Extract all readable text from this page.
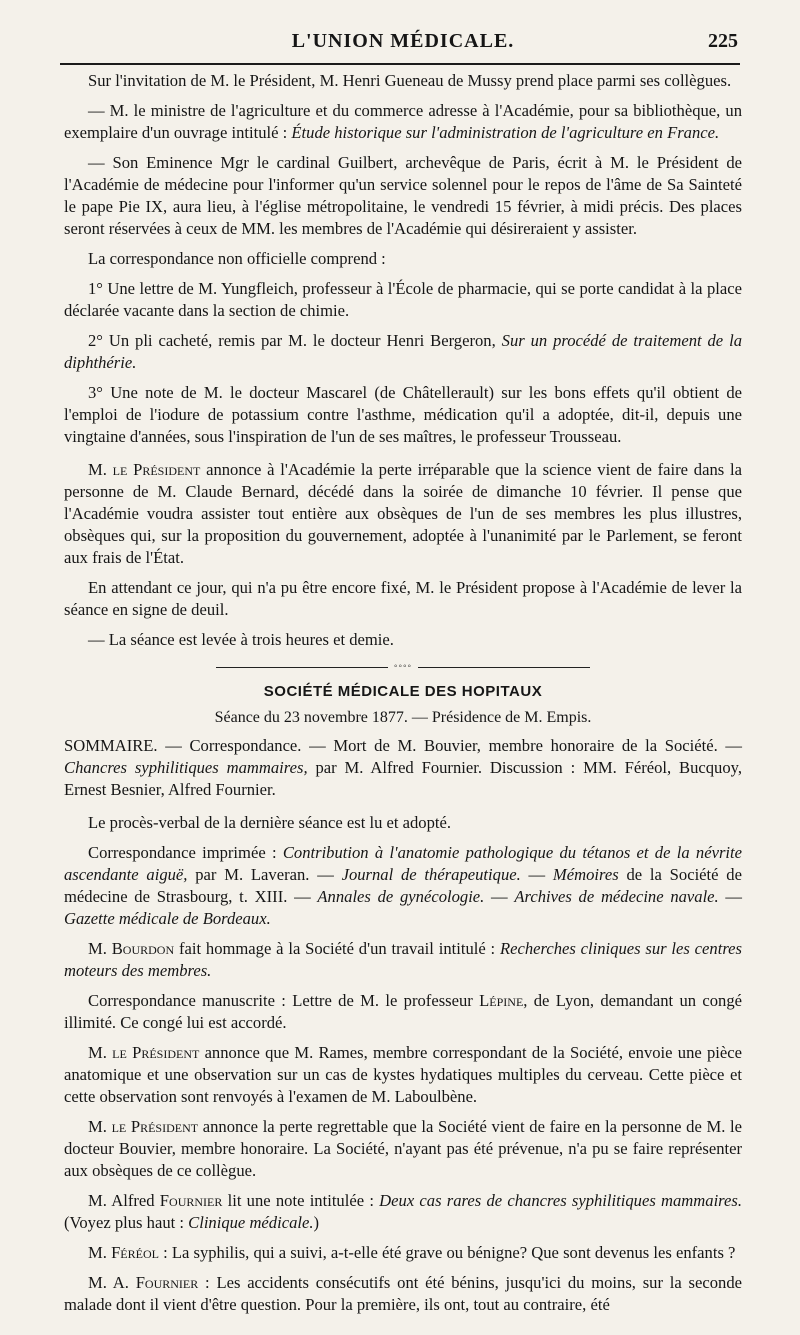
L'UNION MÉDICALE.	225

Sur l'invitation de M. le Président, M. Henri Gueneau de Mussy prend place parmi ses collègues.

— M. le ministre de l'agriculture et du commerce adresse à l'Académie, pour sa bibliothèque, un exemplaire d'un ouvrage intitulé : Étude historique sur l'administration de l'agriculture en France.

— Son Eminence Mgr le cardinal Guilbert, archevêque de Paris, écrit à M. le Président de l'Académie de médecine pour l'informer qu'un service solennel pour le repos de l'âme de Sa Sainteté le pape Pie IX, aura lieu, à l'église métropolitaine, le vendredi 15 février, à midi précis. Des places seront réservées à ceux de MM. les membres de l'Académie qui désireraient y assister.

La correspondance non officielle comprend :

1° Une lettre de M. Yungfleich, professeur à l'École de pharmacie, qui se porte candidat à la place déclarée vacante dans la section de chimie.

2° Un pli cacheté, remis par M. le docteur Henri Bergeron, Sur un procédé de traitement de la diphthérie.

3° Une note de M. le docteur Mascarel (de Châtellerault) sur les bons effets qu'il obtient de l'emploi de l'iodure de potassium contre l'asthme, médication qu'il a adoptée, dit-il, depuis une vingtaine d'années, sous l'inspiration de l'un de ses maîtres, le professeur Trousseau.

M. le Président annonce à l'Académie la perte irréparable que la science vient de faire dans la personne de M. Claude Bernard, décédé dans la soirée de dimanche 10 février. Il pense que l'Académie voudra assister tout entière aux obsèques de l'un de ses membres les plus illustres, obsèques qui, sur la proposition du gouvernement, adoptée à l'unanimité par le Parlement, se feront aux frais de l'État.

En attendant ce jour, qui n'a pu être encore fixé, M. le Président propose à l'Académie de lever la séance en signe de deuil.

— La séance est levée à trois heures et demie.

◦◦◦◦
SOCIÉTÉ MÉDICALE DES HOPITAUX
Séance du 23 novembre 1877. — Présidence de M. Empis.

SOMMAIRE. — Correspondance. — Mort de M. Bouvier, membre honoraire de la Société. — Chancres syphilitiques mammaires, par M. Alfred Fournier. Discussion : MM. Féréol, Bucquoy, Ernest Besnier, Alfred Fournier.

Le procès-verbal de la dernière séance est lu et adopté.

Correspondance imprimée : Contribution à l'anatomie pathologique du tétanos et de la névrite ascendante aiguë, par M. Laveran. — Journal de thérapeutique. — Mémoires de la Société de médecine de Strasbourg, t. XIII. — Annales de gynécologie. — Archives de médecine navale. — Gazette médicale de Bordeaux.

M. Bourdon fait hommage à la Société d'un travail intitulé : Recherches cliniques sur les centres moteurs des membres.

Correspondance manuscrite : Lettre de M. le professeur Lépine, de Lyon, demandant un congé illimité. Ce congé lui est accordé.

M. le Président annonce que M. Rames, membre correspondant de la Société, envoie une pièce anatomique et une observation sur un cas de kystes hydatiques multiples du cerveau. Cette pièce et cette observation sont renvoyés à l'examen de M. Laboulbène.

M. le Président annonce la perte regrettable que la Société vient de faire en la personne de M. le docteur Bouvier, membre honoraire. La Société, n'ayant pas été prévenue, n'a pu se faire représenter aux obsèques de ce collègue.

M. Alfred Fournier lit une note intitulée : Deux cas rares de chancres syphilitiques mammaires. (Voyez plus haut : Clinique médicale.)

M. Féréol : La syphilis, qui a suivi, a-t-elle été grave ou bénigne? Que sont devenus les enfants ?

M. A. Fournier : Les accidents consécutifs ont été bénins, jusqu'ici du moins, sur la seconde malade dont il vient d'être question. Pour la première, ils ont, tout au contraire, été
